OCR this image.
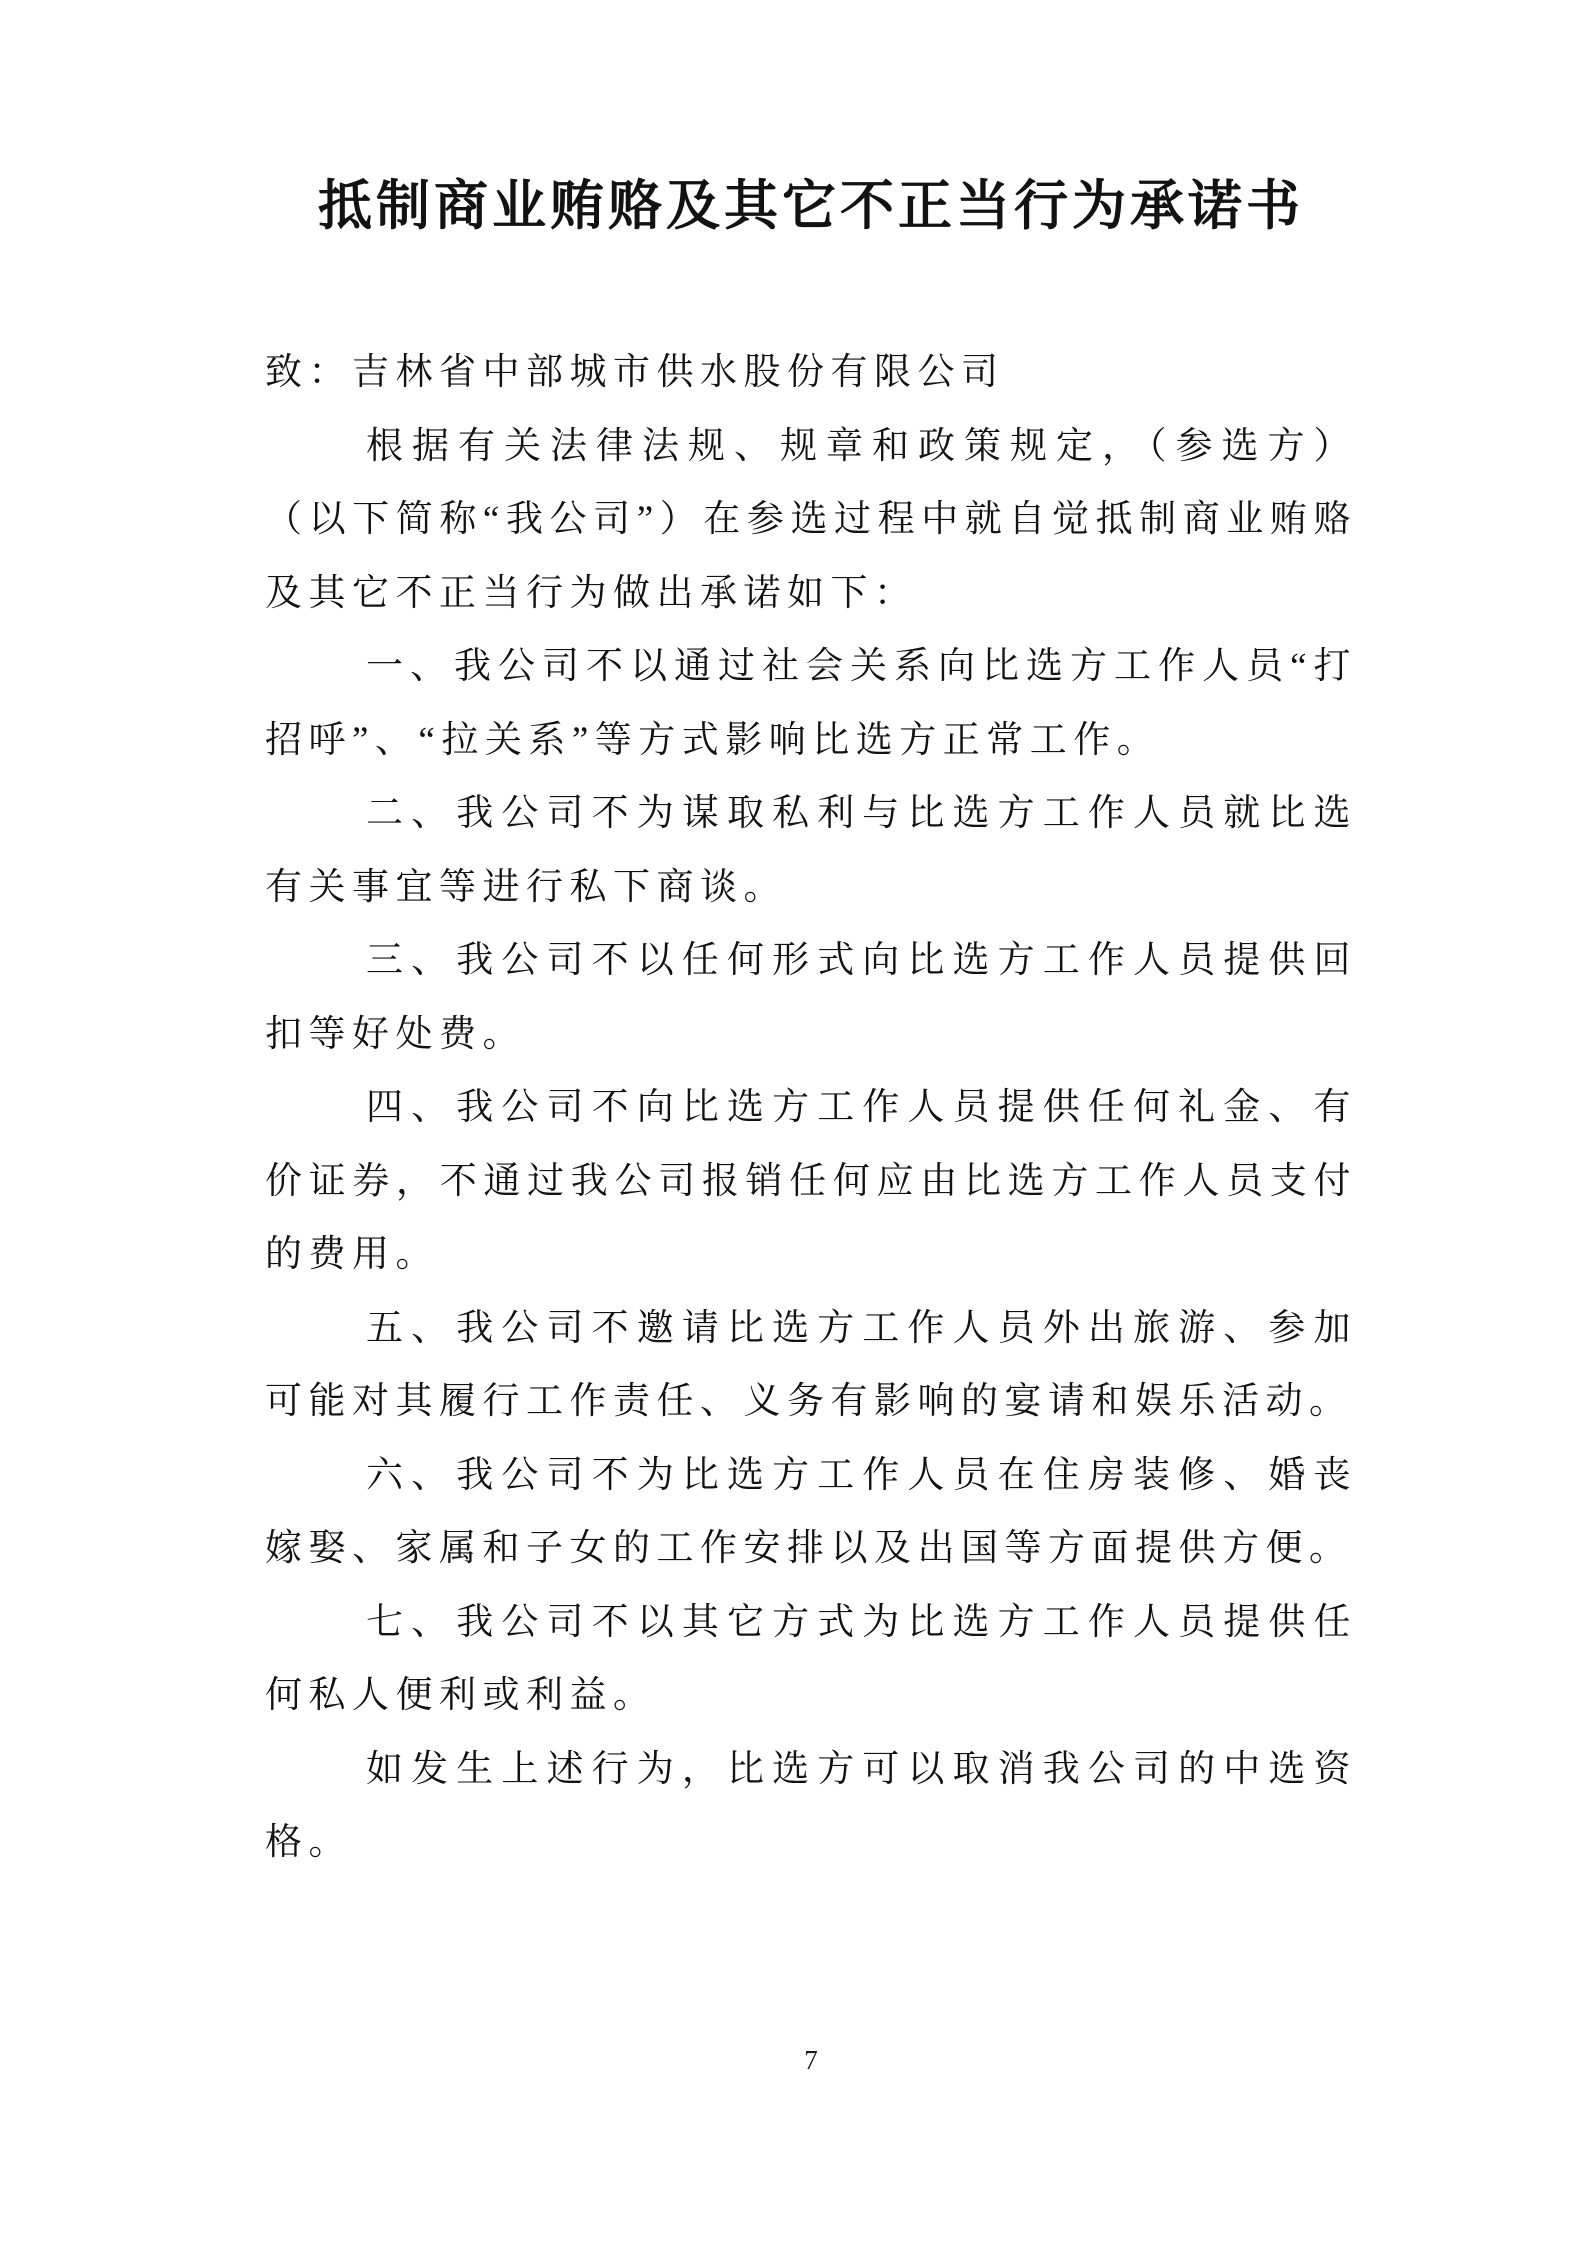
抵制商业贿赂及其它不正当行为承诺书

致：吉林省中部城市供水股份有限公司

根据有关法律法规、规章和政策规定，（参选方）（以下简称“我公司”）在参选过程中就自觉抵制商业贿赂及其它不正当行为做出承诺如下：

一、我公司不以通过社会关系向比选方工作人员“打招呼”、“拉关系”等方式影响比选方正常工作。

二、我公司不为谋取私利与比选方工作人员就比选有关事宜等进行私下商谈。

三、我公司不以任何形式向比选方工作人员提供回扣等好处费。

四、我公司不向比选方工作人员提供任何礼金、有价证券，不通过我公司报销任何应由比选方工作人员支付的费用。

五、我公司不邀请比选方工作人员外出旅游、参加可能对其履行工作责任、义务有影响的宴请和娱乐活动。

六、我公司不为比选方工作人员在住房装修、婚丧嫁娶、家属和子女的工作安排以及出国等方面提供方便。

七、我公司不以其它方式为比选方工作人员提供任何私人便利或利益。

如发生上述行为，比选方可以取消我公司的中选资格。

7
